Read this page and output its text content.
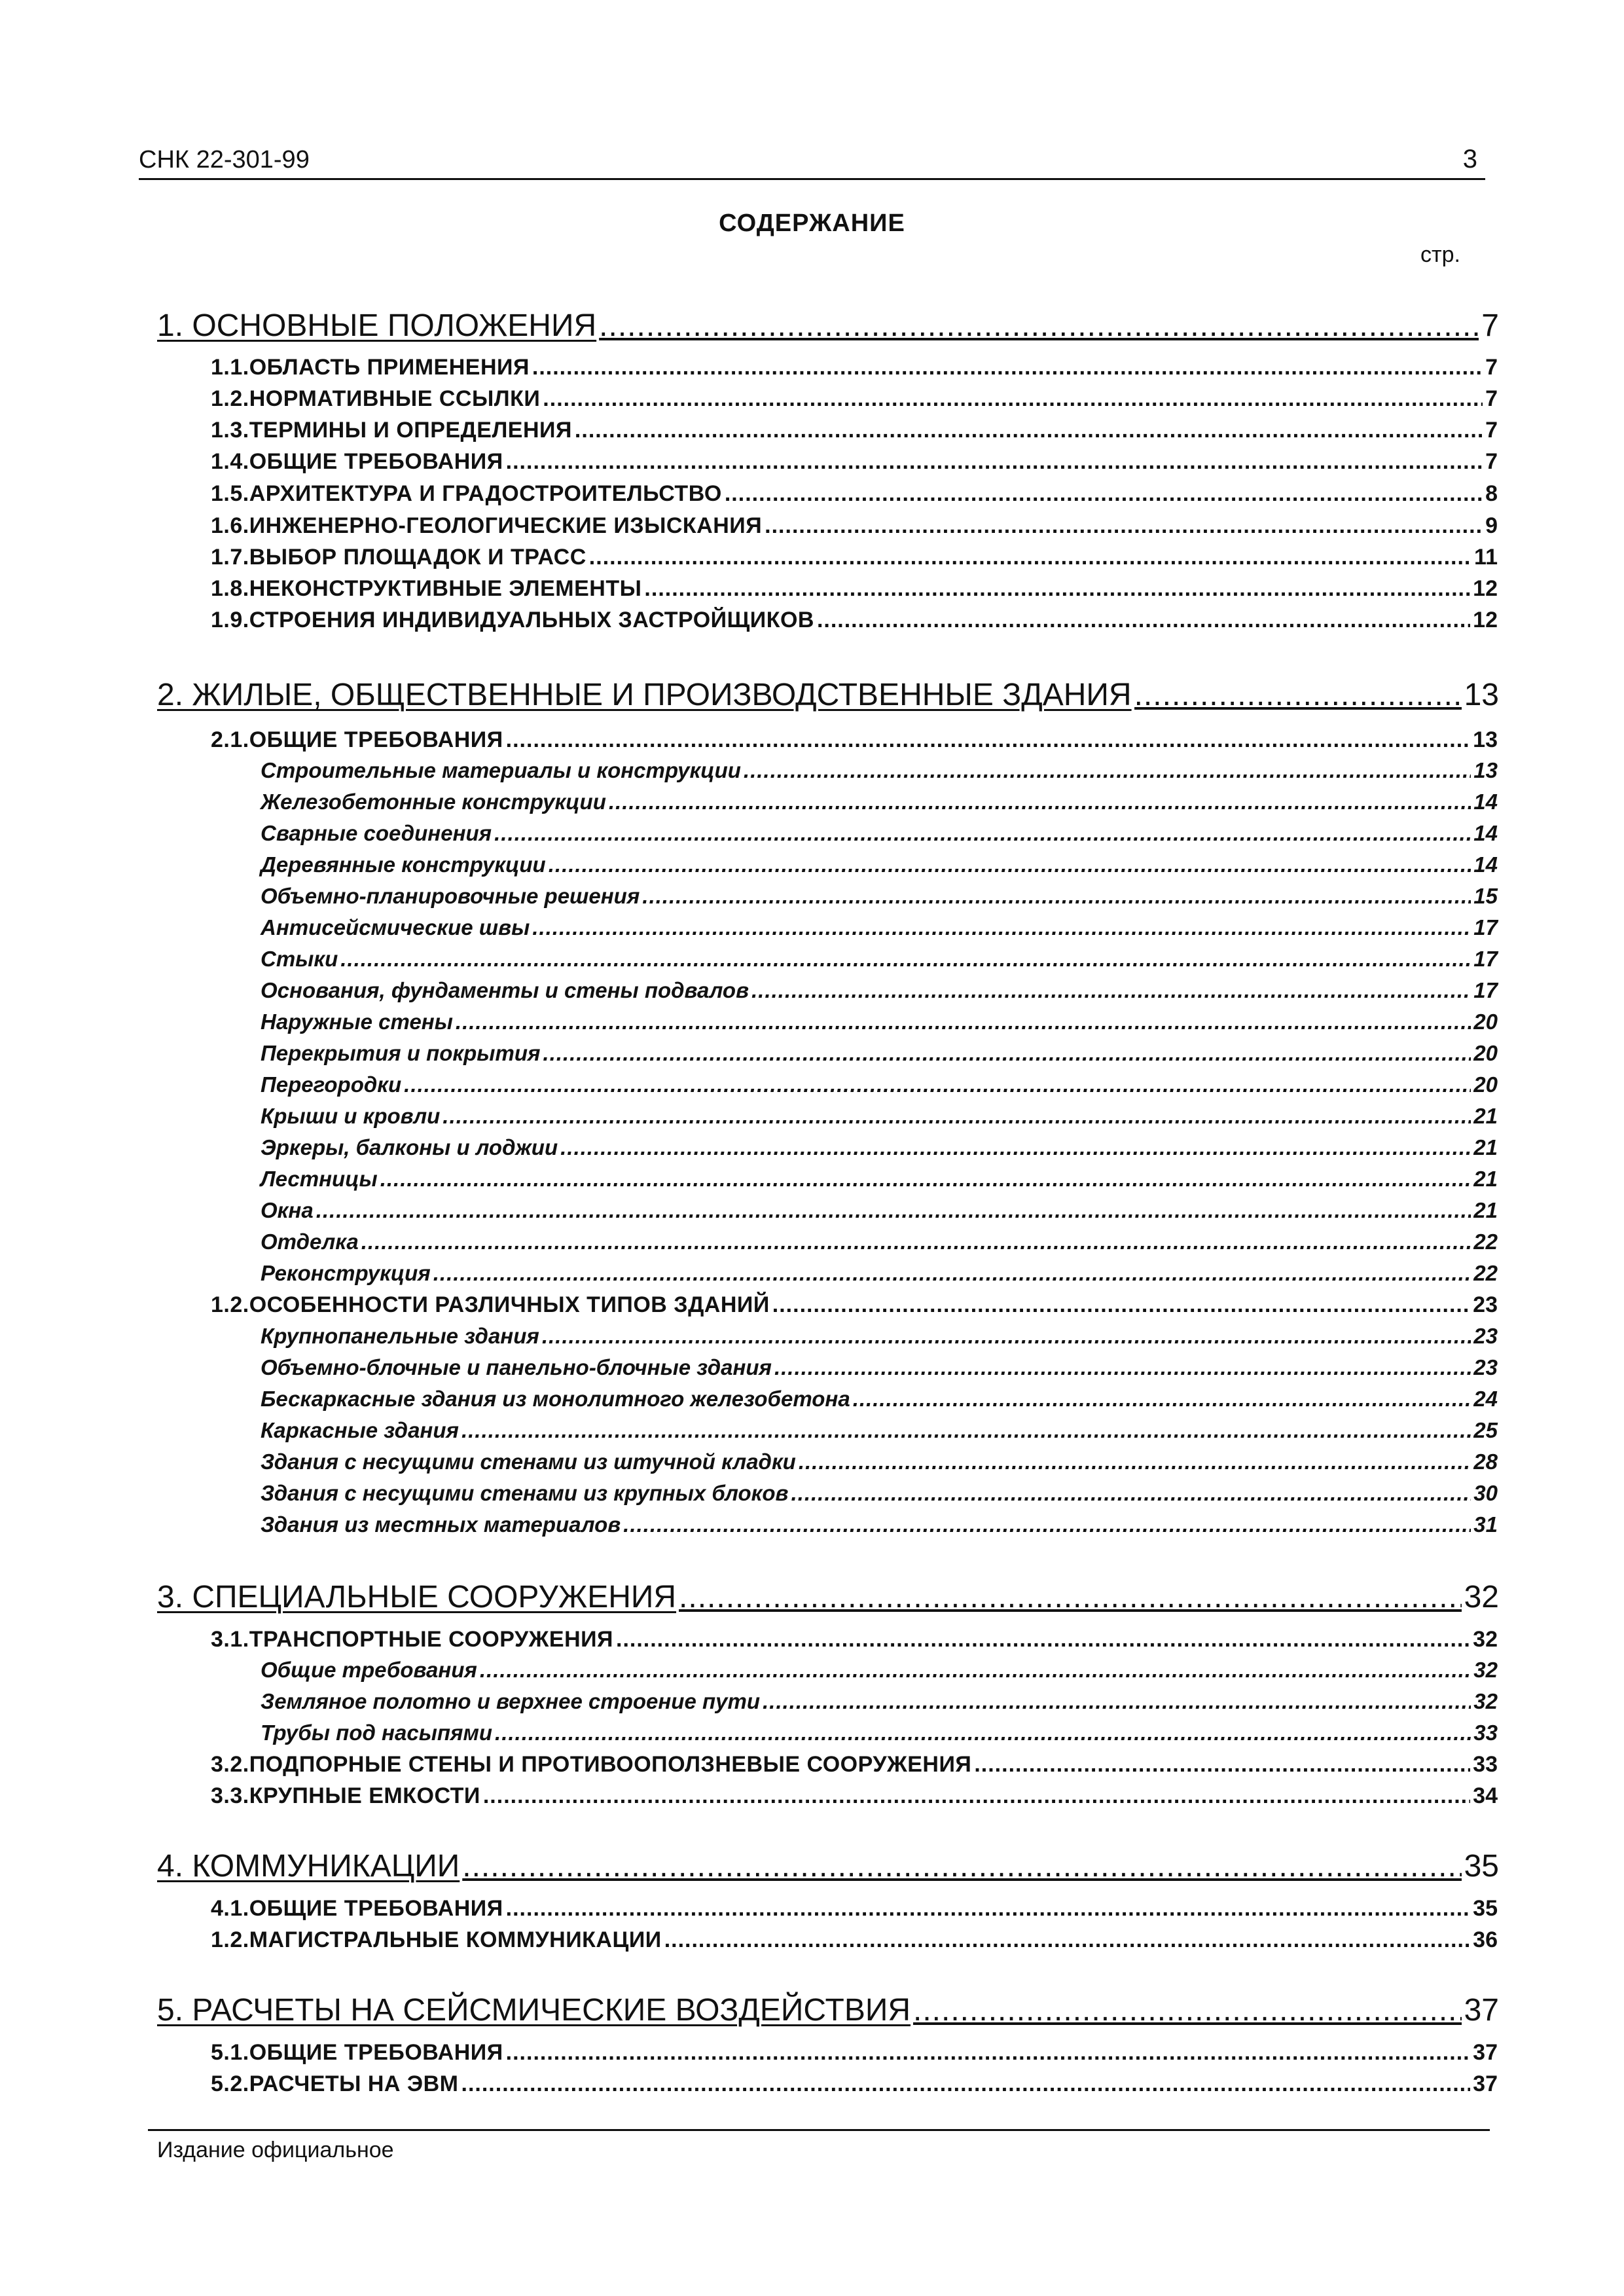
СНК 22-301-99	3
СОДЕРЖАНИЕ
стр.
1. ОСНОВНЫЕ ПОЛОЖЕНИЯ .....	7
1.1.ОБЛАСТЬ ПРИМЕНЕНИЯ .....	7
1.2.НОРМАТИВНЫЕ ССЫЛКИ .....	7
1.3.ТЕРМИНЫ И ОПРЕДЕЛЕНИЯ .....	7
1.4.ОБЩИЕ ТРЕБОВАНИЯ .....	7
1.5.АРХИТЕКТУРА И ГРАДОСТРОИТЕЛЬСТВО .....	8
1.6.ИНЖЕНЕРНО-ГЕОЛОГИЧЕСКИЕ ИЗЫСКАНИЯ .....	9
1.7.ВЫБОР ПЛОЩАДОК И ТРАСС .....	11
1.8.НЕКОНСТРУКТИВНЫЕ ЭЛЕМЕНТЫ .....	12
1.9.СТРОЕНИЯ ИНДИВИДУАЛЬНЫХ ЗАСТРОЙЩИКОВ .....	12
2. ЖИЛЫЕ, ОБЩЕСТВЕННЫЕ И ПРОИЗВОДСТВЕННЫЕ ЗДАНИЯ .....	13
2.1.ОБЩИЕ ТРЕБОВАНИЯ .....	13
Строительные материалы и конструкции .....	13
Железобетонные конструкции .....	14
Сварные соединения .....	14
Деревянные конструкции .....	14
Объемно-планировочные решения .....	15
Антисейсмические швы .....	17
Стыки .....	17
Основания, фундаменты и стены подвалов .....	17
Наружные стены .....	20
Перекрытия и покрытия .....	20
Перегородки .....	20
Крыши и кровли .....	21
Эркеры, балконы и лоджии .....	21
Лестницы .....	21
Окна .....	21
Отделка .....	22
Реконструкция .....	22
1.2.ОСОБЕННОСТИ РАЗЛИЧНЫХ ТИПОВ ЗДАНИЙ .....	23
Крупнопанельные здания .....	23
Объемно-блочные и панельно-блочные здания .....	23
Бескаркасные здания из монолитного железобетона .....	24
Каркасные здания .....	25
Здания с несущими стенами из штучной кладки .....	28
Здания с несущими стенами из крупных блоков .....	30
Здания из местных материалов .....	31
3. СПЕЦИАЛЬНЫЕ СООРУЖЕНИЯ .....	32
3.1.ТРАНСПОРТНЫЕ СООРУЖЕНИЯ .....	32
Общие требования .....	32
Земляное полотно и верхнее строение пути .....	32
Трубы под насыпями .....	33
3.2.ПОДПОРНЫЕ СТЕНЫ И ПРОТИВООПОЛЗНЕВЫЕ СООРУЖЕНИЯ .....	33
3.3.КРУПНЫЕ ЕМКОСТИ .....	34
4. КОММУНИКАЦИИ .....	35
4.1.ОБЩИЕ ТРЕБОВАНИЯ .....	35
1.2.МАГИСТРАЛЬНЫЕ КОММУНИКАЦИИ .....	36
5. РАСЧЕТЫ НА СЕЙСМИЧЕСКИЕ ВОЗДЕЙСТВИЯ .....	37
5.1.ОБЩИЕ ТРЕБОВАНИЯ .....	37
5.2.РАСЧЕТЫ НА ЭВМ .....	37
Издание официальное
